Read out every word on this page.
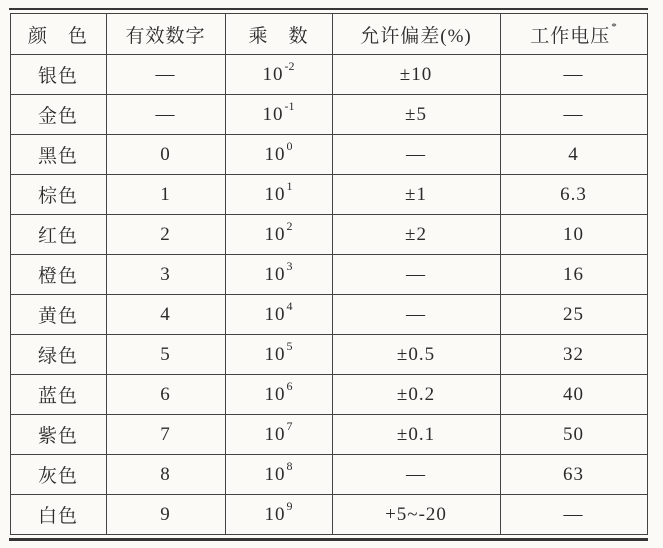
颜　色	有效数字	乘　数	允许偏差(%)	工作电压*
银色	—	$10^{-2}$	±10	—
金色	—	$10^{-1}$	±5	—
黑色	0	$10^0$	—	4
棕色	1	$10^1$	±1	6.3
红色	2	$10^2$	±2	10
橙色	3	$10^3$	—	16
黄色	4	$10^4$	—	25
绿色	5	$10^5$	±0.5	32
蓝色	6	$10^6$	±0.2	40
紫色	7	$10^7$	±0.1	50
灰色	8	$10^8$	—	63
白色	9	$10^9$	+5~-20	—
